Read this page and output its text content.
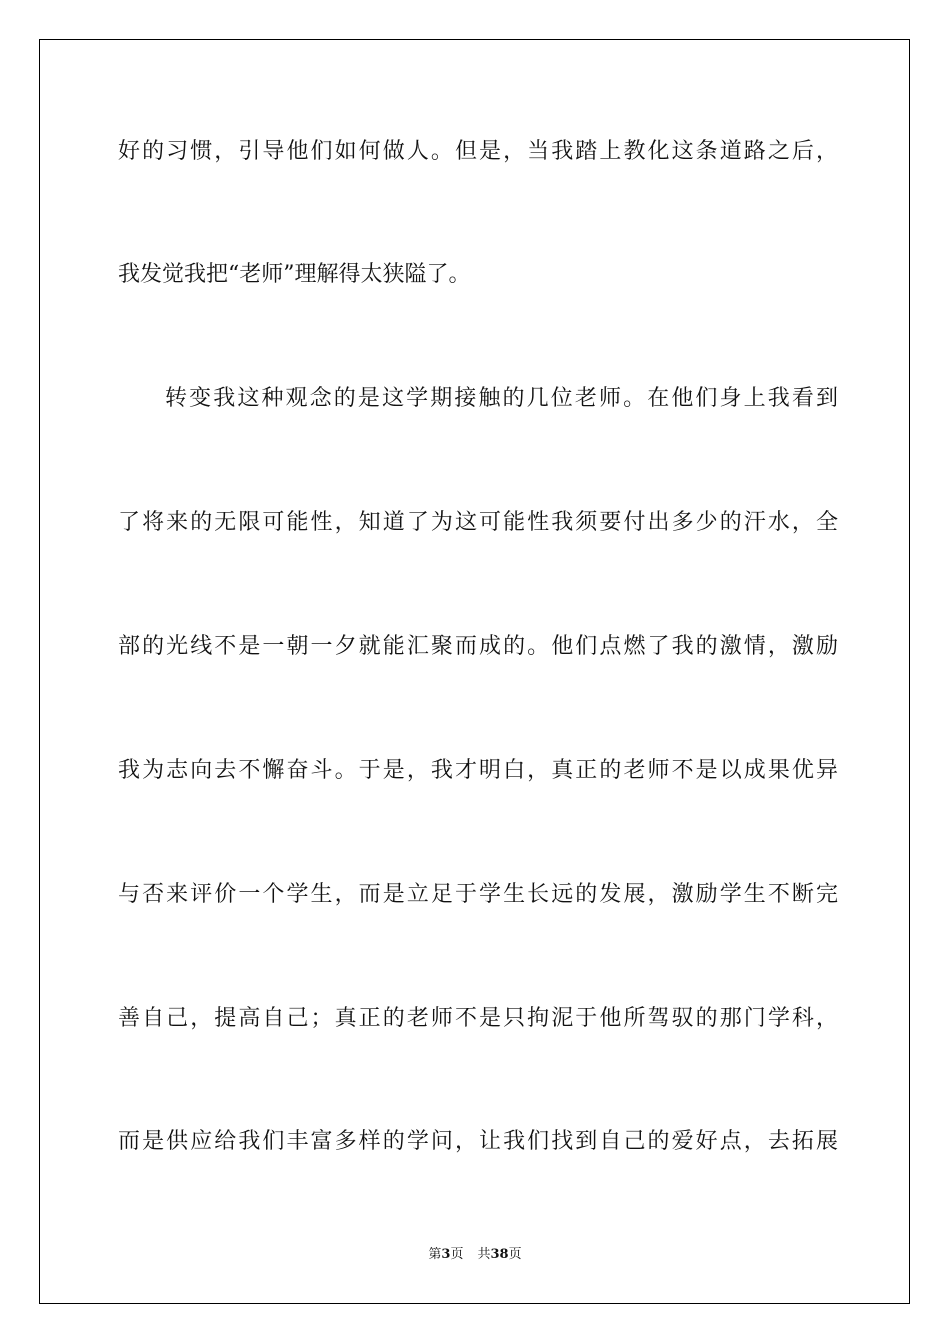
好的习惯，引导他们如何做人。但是，当我踏上教化这条道路之后，
我发觉我把“老师”理解得太狭隘了。
转变我这种观念的是这学期接触的几位老师。在他们身上我看到
了将来的无限可能性，知道了为这可能性我须要付出多少的汗水，全
部的光线不是一朝一夕就能汇聚而成的。他们点燃了我的激情，激励
我为志向去不懈奋斗。于是，我才明白，真正的老师不是以成果优异
与否来评价一个学生，而是立足于学生长远的发展，激励学生不断完
善自己，提高自己；真正的老师不是只拘泥于他所驾驭的那门学科，
而是供应给我们丰富多样的学问，让我们找到自己的爱好点，去拓展
第3页 共38页
